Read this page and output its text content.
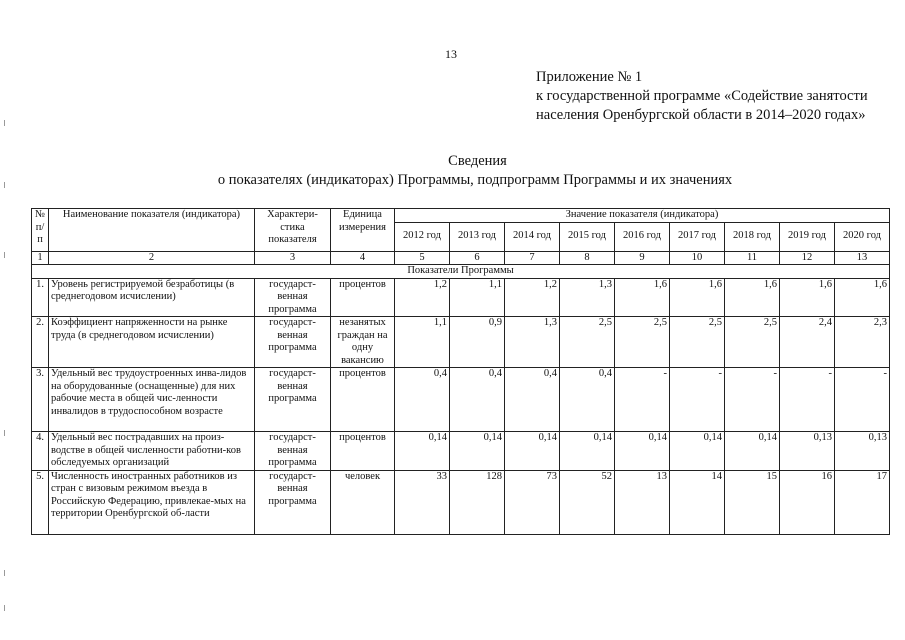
13
Приложение № 1
к государственной программе «Содействие занятости
населения Оренбургской области в 2014–2020 годах»
Сведения
о показателях (индикаторах) Программы, подпрограмм Программы и их значениях
№ п/п	Наименование показателя (индикатора)	Характери-стика показателя	Единица измерения	Значение показателя (индикатора)								
				2012 год	2013 год	2014 год	2015 год	2016 год	2017 год	2018 год	2019 год	2020 год
1	2	3	4	5	6	7	8	9	10	11	12	13
Показатели Программы												
1.	Уровень регистрируемой безработицы (в среднегодовом исчислении)	государст-венная программа	процентов	1,2	1,1	1,2	1,3	1,6	1,6	1,6	1,6	1,6
2.	Коэффициент напряженности на рынке труда (в среднегодовом исчислении)	государст-венная программа	незанятых граждан на одну вакансию	1,1	0,9	1,3	2,5	2,5	2,5	2,5	2,4	2,3
3.	Удельный вес трудоустроенных инва-лидов на оборудованные (оснащенные) для них рабочие места в общей чис-ленности инвалидов в трудоспособном возрасте	государст-венная программа	процентов	0,4	0,4	0,4	0,4	-	-	-	-	-
4.	Удельный вес пострадавших на произ-водстве в общей численности работни-ков обследуемых организаций	государст-венная программа	процентов	0,14	0,14	0,14	0,14	0,14	0,14	0,14	0,13	0,13
5.	Численность иностранных работников из стран с визовым режимом въезда в Российскую Федерацию, привлекае-мых на территории Оренбургской об-ласти	государст-венная программа	человек	33	128	73	52	13	14	15	16	17
